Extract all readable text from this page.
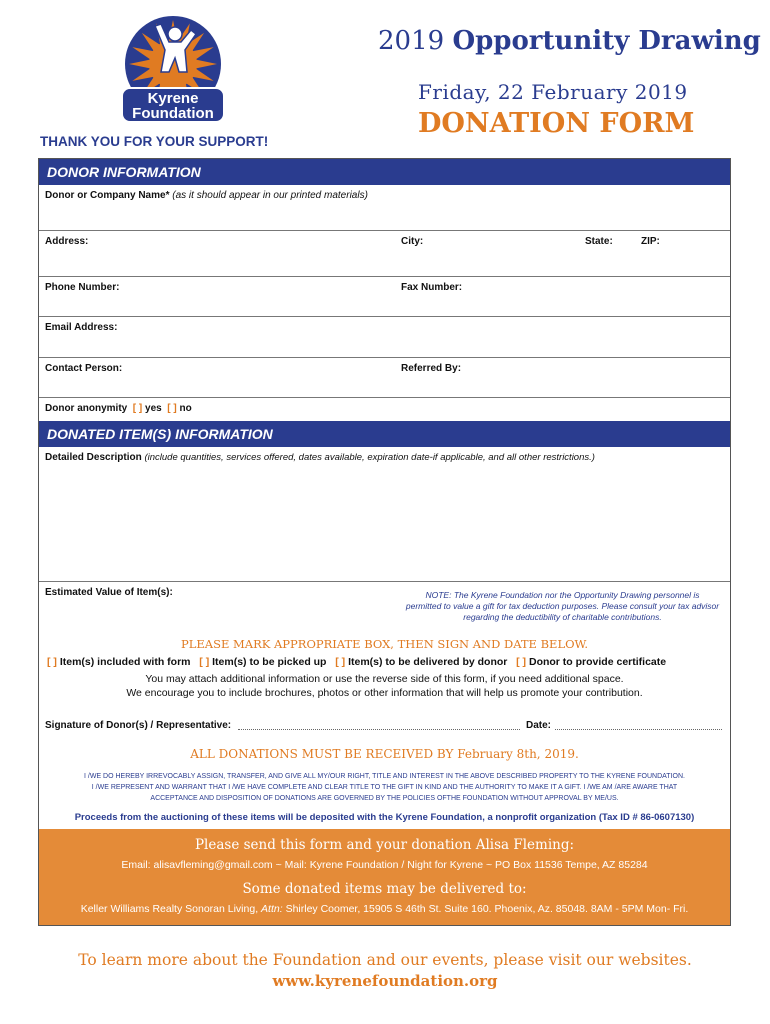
Kyrene
Foundation
2019 Opportunity Drawing
Friday, 22 February 2019
DONATION FORM
THANK YOU FOR YOUR SUPPORT!
DONOR INFORMATION
Donor or Company Name* (as it should appear in our printed materials)
Address:	City:	State:	ZIP:
Phone Number:	Fax Number:
Email Address:
Contact Person:	Referred By:
Donor anonymity [ ] yes [ ] no
DONATED ITEM(S) INFORMATION
Detailed Description (include quantities, services offered, dates available, expiration date-if applicable, and all other restrictions.)
Estimated Value of Item(s):	NOTE: The Kyrene Foundation nor the Opportunity Drawing personnel is
permitted to value a gift for tax deduction purposes. Please consult your tax advisor
regarding the deductibility of charitable contributions.
PLEASE MARK APPROPRIATE BOX, THEN SIGN AND DATE BELOW.
[ ] Item(s) included with form [ ] Item(s) to be picked up [ ] Item(s) to be delivered by donor [ ] Donor to provide certificate
You may attach additional information or use the reverse side of this form, if you need additional space.
We encourage you to include brochures, photos or other information that will help us promote your contribution.
Signature of Donor(s) / Representative:	Date:
ALL DONATIONS MUST BE RECEIVED BY February 8th, 2019.
I /WE DO HEREBY IRREVOCABLY ASSIGN, TRANSFER, AND GIVE ALL MY/OUR RIGHT, TITLE AND INTEREST IN THE ABOVE DESCRIBED PROPERTY TO THE KYRENE FOUNDATION.
I /WE REPRESENT AND WARRANT THAT I /WE HAVE COMPLETE AND CLEAR TITLE TO THE GIFT IN KIND AND THE AUTHORITY TO MAKE IT A GIFT. I /WE AM /ARE AWARE THAT
ACCEPTANCE AND DISPOSITION OF DONATIONS ARE GOVERNED BY THE POLICIES OFTHE FOUNDATION WITHOUT APPROVAL BY ME/US.
Proceeds from the auctioning of these items will be deposited with the Kyrene Foundation, a nonprofit organization (Tax ID # 86-0607130)
Please send this form and your donation Alisa Fleming:
Email: alisavfleming@gmail.com ~ Mail: Kyrene Foundation / Night for Kyrene ~ PO Box 11536 Tempe, AZ 85284
Some donated items may be delivered to:
Keller Williams Realty Sonoran Living, Attn: Shirley Coomer, 15905 S 46th St. Suite 160. Phoenix, Az. 85048. 8AM - 5PM Mon- Fri.
To learn more about the Foundation and our events, please visit our websites.
www.kyrenefoundation.org
